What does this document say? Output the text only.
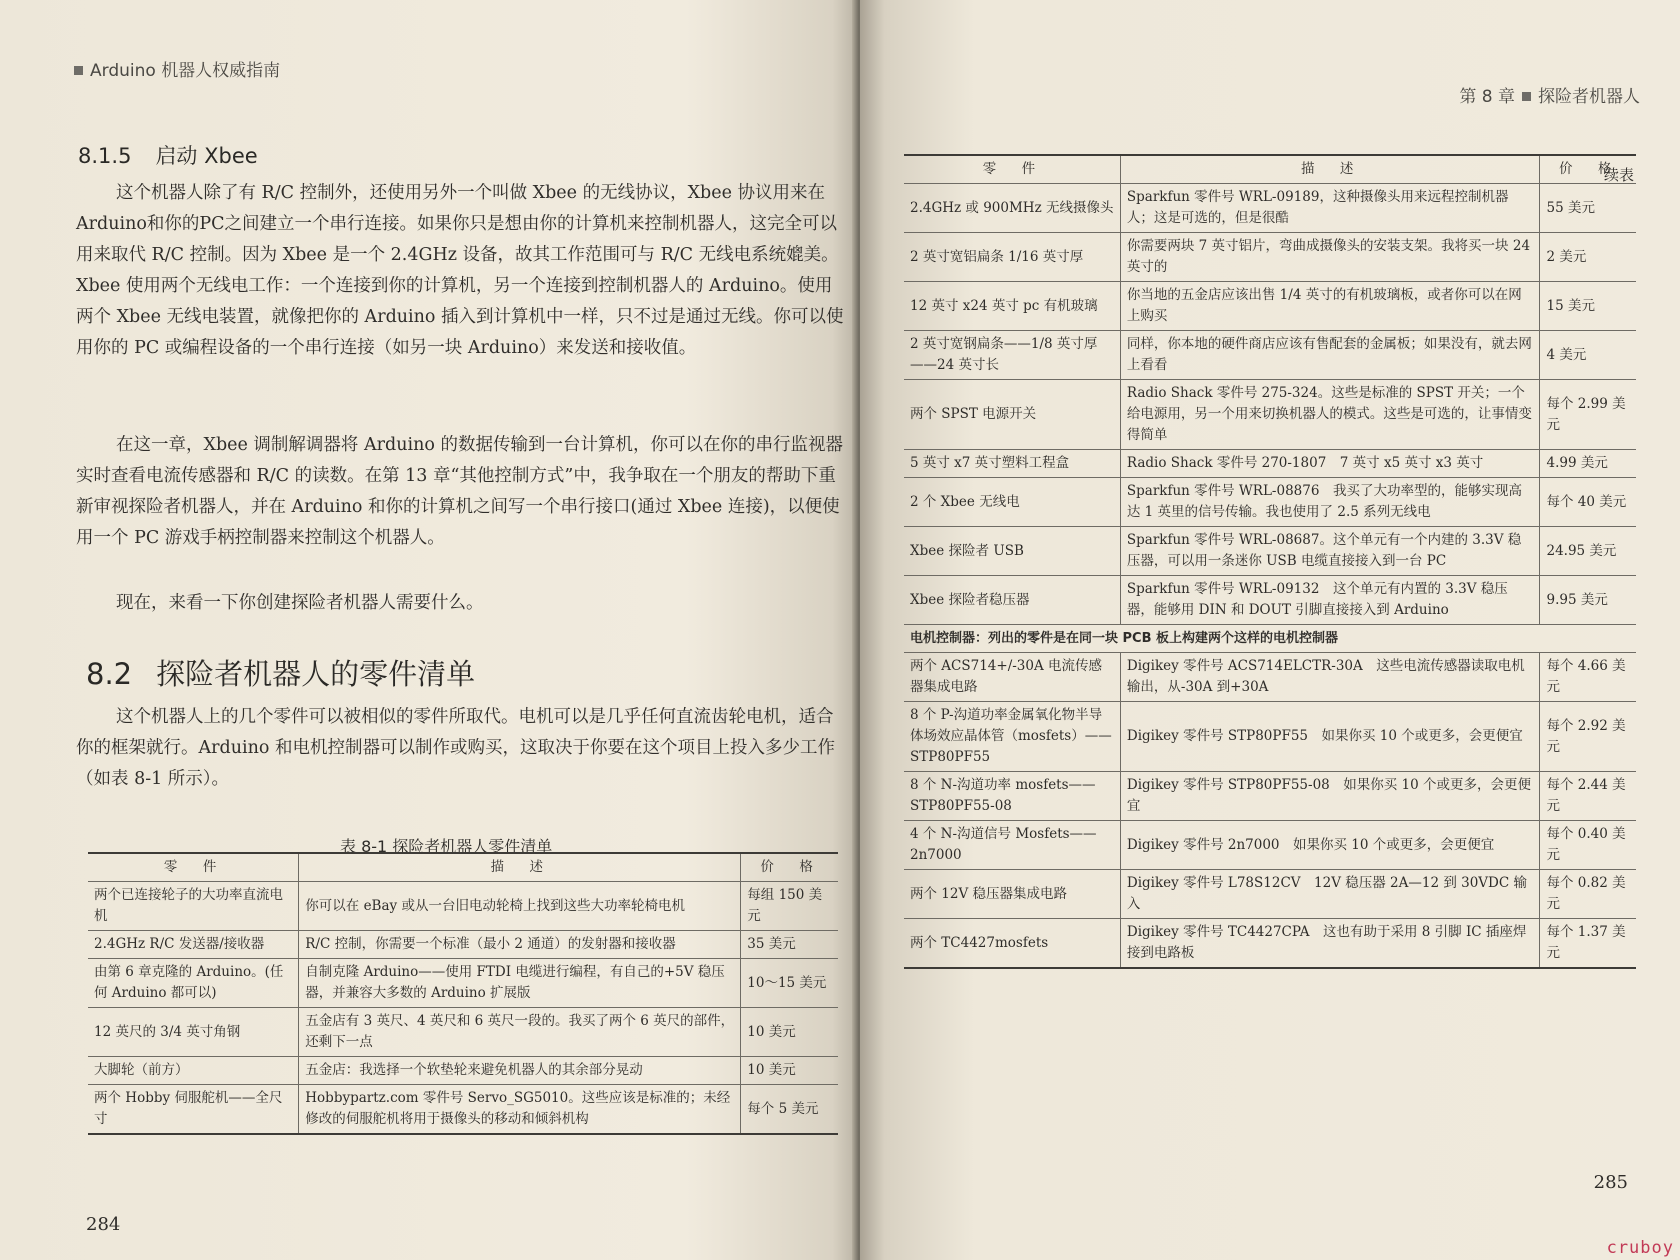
Arduino 机器人权威指南
8.1.5 启动 Xbee

这个机器人除了有 R/C 控制外，还使用另外一个叫做 Xbee 的无线协议，Xbee 协议用来在Arduino和你的PC之间建立一个串行连接。如果你只是想由你的计算机来控制机器人，这完全可以用来取代 R/C 控制。因为 Xbee 是一个 2.4GHz 设备，故其工作范围可与 R/C 无线电系统媲美。Xbee 使用两个无线电工作：一个连接到你的计算机，另一个连接到控制机器人的 Arduino。使用两个 Xbee 无线电装置，就像把你的 Arduino 插入到计算机中一样，只不过是通过无线。你可以使用你的 PC 或编程设备的一个串行连接（如另一块 Arduino）来发送和接收值。

在这一章，Xbee 调制解调器将 Arduino 的数据传输到一台计算机，你可以在你的串行监视器实时查看电流传感器和 R/C 的读数。在第 13 章“其他控制方式”中，我争取在一个朋友的帮助下重新审视探险者机器人，并在 Arduino 和你的计算机之间写一个串行接口(通过 Xbee 连接)，以便使用一个 PC 游戏手柄控制器来控制这个机器人。

现在，来看一下你创建探险者机器人需要什么。

8.2 探险者机器人的零件清单

这个机器人上的几个零件可以被相似的零件所取代。电机可以是几乎任何直流齿轮电机，适合你的框架就行。Arduino 和电机控制器可以制作或购买，这取决于你要在这个项目上投入多少工作（如表 8-1 所示）。

表 8-1 探险者机器人零件清单
零　件	描　述	价　格
两个已连接轮子的大功率直流电机	你可以在 eBay 或从一台旧电动轮椅上找到这些大功率轮椅电机	每组 150 美元
2.4GHz R/C 发送器/接收器	R/C 控制，你需要一个标准（最小 2 通道）的发射器和接收器	35 美元
由第 6 章克隆的 Arduino。(任何 Arduino 都可以)	自制克隆 Arduino——使用 FTDI 电缆进行编程，有自己的+5V 稳压器，并兼容大多数的 Arduino 扩展版	10～15 美元
12 英尺的 3/4 英寸角钢	五金店有 3 英尺、4 英尺和 6 英尺一段的。我买了两个 6 英尺的部件，还剩下一点	10 美元
大脚轮（前方）	五金店：我选择一个软垫轮来避免机器人的其余部分晃动	10 美元
两个 Hobby 伺服舵机——全尺寸	Hobbypartz.com 零件号 Servo_SG5010。这些应该是标准的；未经修改的伺服舵机将用于摄像头的移动和倾斜机构	每个 5 美元
284
第 8 章 探险者机器人
续表
零　件	描　述	价　格
2.4GHz 或 900MHz 无线摄像头	Sparkfun 零件号 WRL-09189，这种摄像头用来远程控制机器人；这是可选的，但是很酷	55 美元
2 英寸宽铝扁条 1/16 英寸厚	你需要两块 7 英寸铝片，弯曲成摄像头的安装支架。我将买一块 24 英寸的	2 美元
12 英寸 x24 英寸 pc 有机玻璃	你当地的五金店应该出售 1/4 英寸的有机玻璃板，或者你可以在网上购买	15 美元
2 英寸宽钢扁条——1/8 英寸厚——24 英寸长	同样，你本地的硬件商店应该有售配套的金属板；如果没有，就去网上看看	4 美元
两个 SPST 电源开关	Radio Shack 零件号 275-324。这些是标准的 SPST 开关；一个给电源用，另一个用来切换机器人的模式。这些是可选的，让事情变得简单	每个 2.99 美元
5 英寸 x7 英寸塑料工程盒	Radio Shack 零件号 270-1807　7 英寸 x5 英寸 x3 英寸	4.99 美元
2 个 Xbee 无线电	Sparkfun 零件号 WRL-08876　我买了大功率型的，能够实现高达 1 英里的信号传输。我也使用了 2.5 系列无线电	每个 40 美元
Xbee 探险者 USB	Sparkfun 零件号 WRL-08687。这个单元有一个内建的 3.3V 稳压器，可以用一条迷你 USB 电缆直接接入到一台 PC	24.95 美元
Xbee 探险者稳压器	Sparkfun 零件号 WRL-09132　这个单元有内置的 3.3V 稳压器，能够用 DIN 和 DOUT 引脚直接接入到 Arduino	9.95 美元
电机控制器：列出的零件是在同一块 PCB 板上构建两个这样的电机控制器		
两个 ACS714+/-30A 电流传感器集成电路	Digikey 零件号 ACS714ELCTR-30A　这些电流传感器读取电机输出，从-30A 到+30A	每个 4.66 美元
8 个 P-沟道功率金属氧化物半导体场效应晶体管（mosfets）——STP80PF55	Digikey 零件号 STP80PF55　如果你买 10 个或更多，会更便宜	每个 2.92 美元
8 个 N-沟道功率 mosfets——STP80PF55-08	Digikey 零件号 STP80PF55-08　如果你买 10 个或更多，会更便宜	每个 2.44 美元
4 个 N-沟道信号 Mosfets——2n7000	Digikey 零件号 2n7000　如果你买 10 个或更多，会更便宜	每个 0.40 美元
两个 12V 稳压器集成电路	Digikey 零件号 L78S12CV　12V 稳压器 2A—12 到 30VDC 输入	每个 0.82 美元
两个 TC4427mosfets	Digikey 零件号 TC4427CPA　这也有助于采用 8 引脚 IC 插座焊接到电路板	每个 1.37 美元
285
cruboy
